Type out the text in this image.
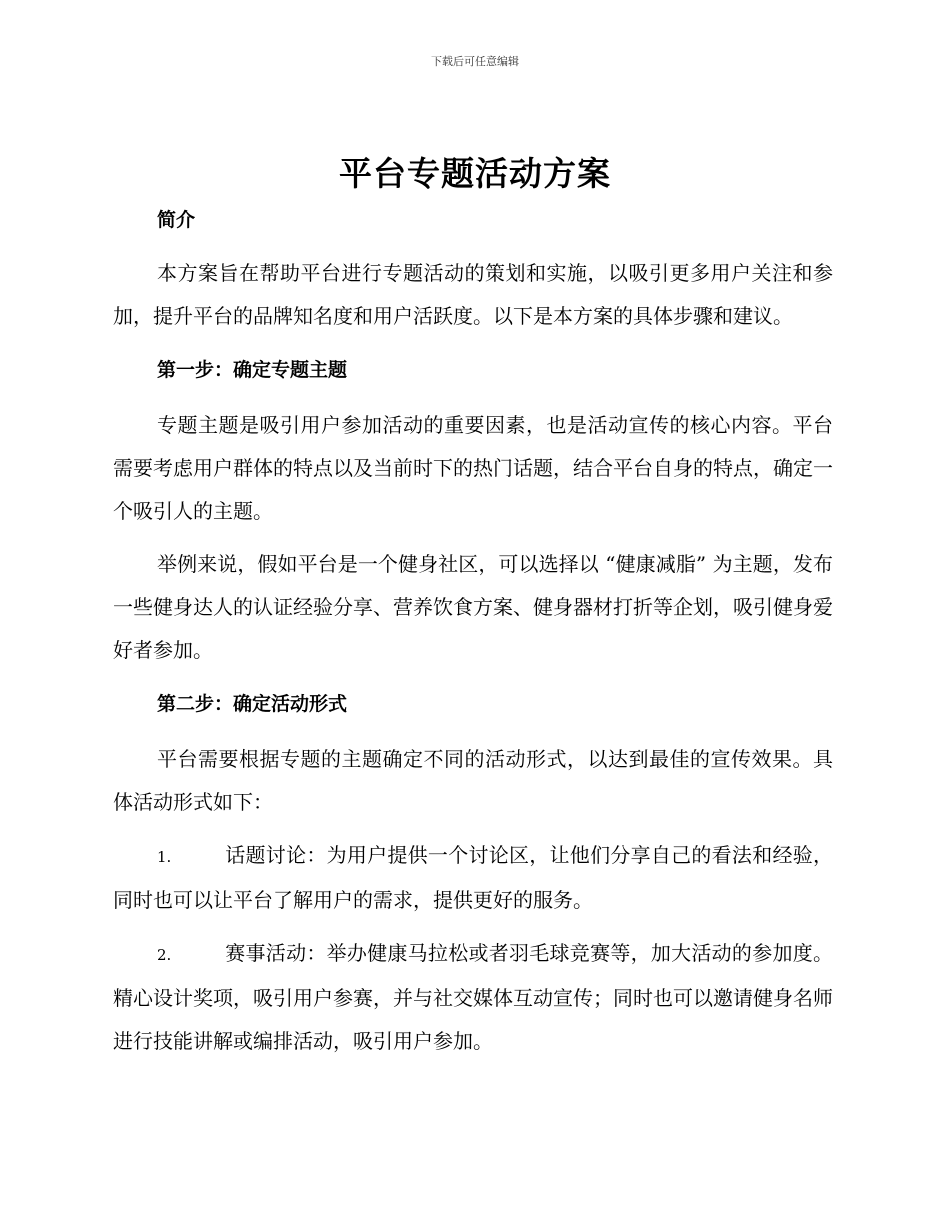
下载后可任意编辑
平台专题活动方案
简介

本方案旨在帮助平台进行专题活动的策划和实施，以吸引更多用户关注和参加，提升平台的品牌知名度和用户活跃度。以下是本方案的具体步骤和建议。

第一步：确定专题主题

专题主题是吸引用户参加活动的重要因素，也是活动宣传的核心内容。平台需要考虑用户群体的特点以及当前时下的热门话题，结合平台自身的特点，确定一个吸引人的主题。

举例来说，假如平台是一个健身社区，可以选择以 “健康减脂” 为主题，发布一些健身达人的认证经验分享、营养饮食方案、健身器材打折等企划，吸引健身爱好者参加。

第二步：确定活动形式

平台需要根据专题的主题确定不同的活动形式，以达到最佳的宣传效果。具体活动形式如下：

1.	话题讨论：为用户提供一个讨论区，让他们分享自己的看法和经验，同时也可以让平台了解用户的需求，提供更好的服务。

2.	赛事活动：举办健康马拉松或者羽毛球竞赛等，加大活动的参加度。精心设计奖项，吸引用户参赛，并与社交媒体互动宣传；同时也可以邀请健身名师进行技能讲解或编排活动，吸引用户参加。
